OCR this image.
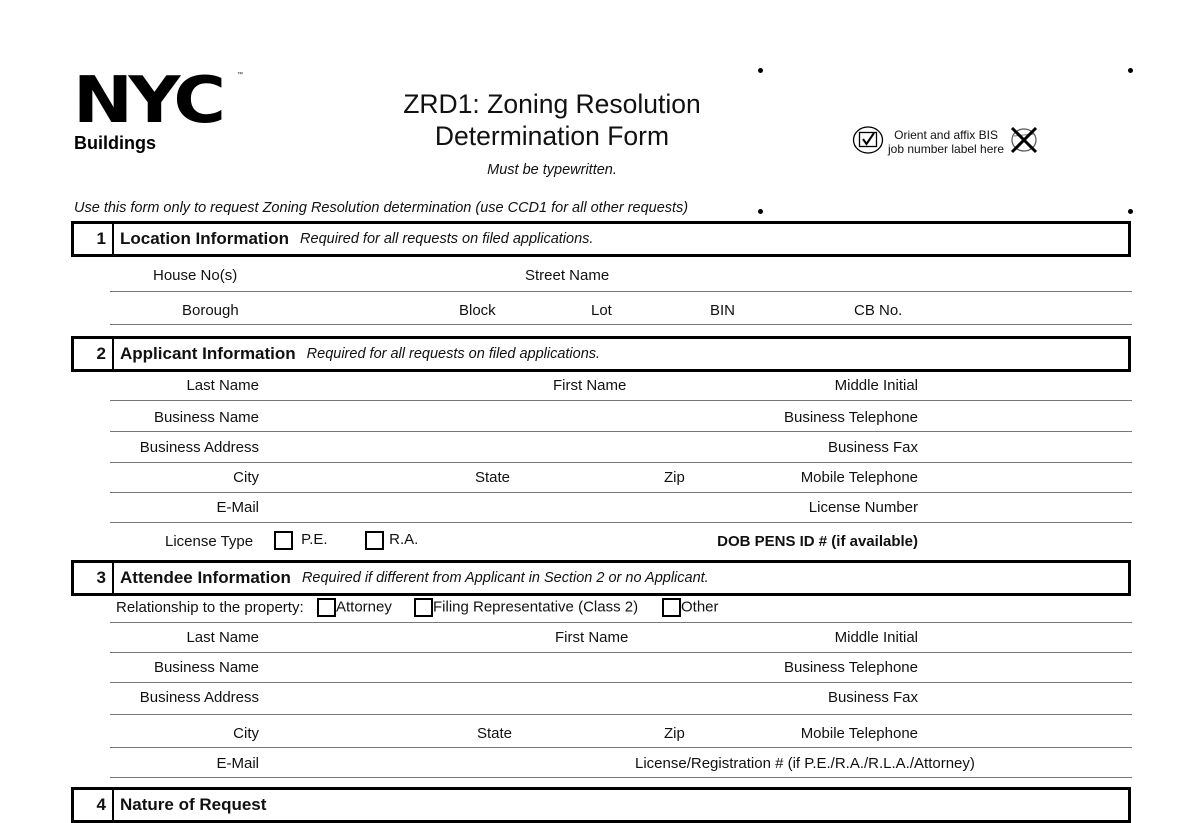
NYC	™
Buildings
ZRD1: Zoning Resolution
Determination Form
Must be typewritten.
Orient and affix BIS
job number label here
Use this form only to request Zoning Resolution determination (use CCD1 for all other requests)
1 Location Information Required for all requests on filed applications.
House No(s)	Street Name
Borough	Block	Lot	BIN	CB No.
2 Applicant Information Required for all requests on filed applications.
Last Name	First Name	Middle Initial
Business Name	Business Telephone
Business Address	Business Fax
City	State	Zip	Mobile Telephone
E-Mail	License Number
License Type	P.E.	R.A.	DOB PENS ID # (if available)
3 Attendee Information Required if different from Applicant in Section 2 or no Applicant.
Relationship to the property:	Attorney	Filing Representative (Class 2)	Other
Last Name	First Name	Middle Initial
Business Name	Business Telephone
Business Address	Business Fax
City	State	Zip	Mobile Telephone
E-Mail	License/Registration # (if P.E./R.A./R.L.A./Attorney)
4 Nature of Request
